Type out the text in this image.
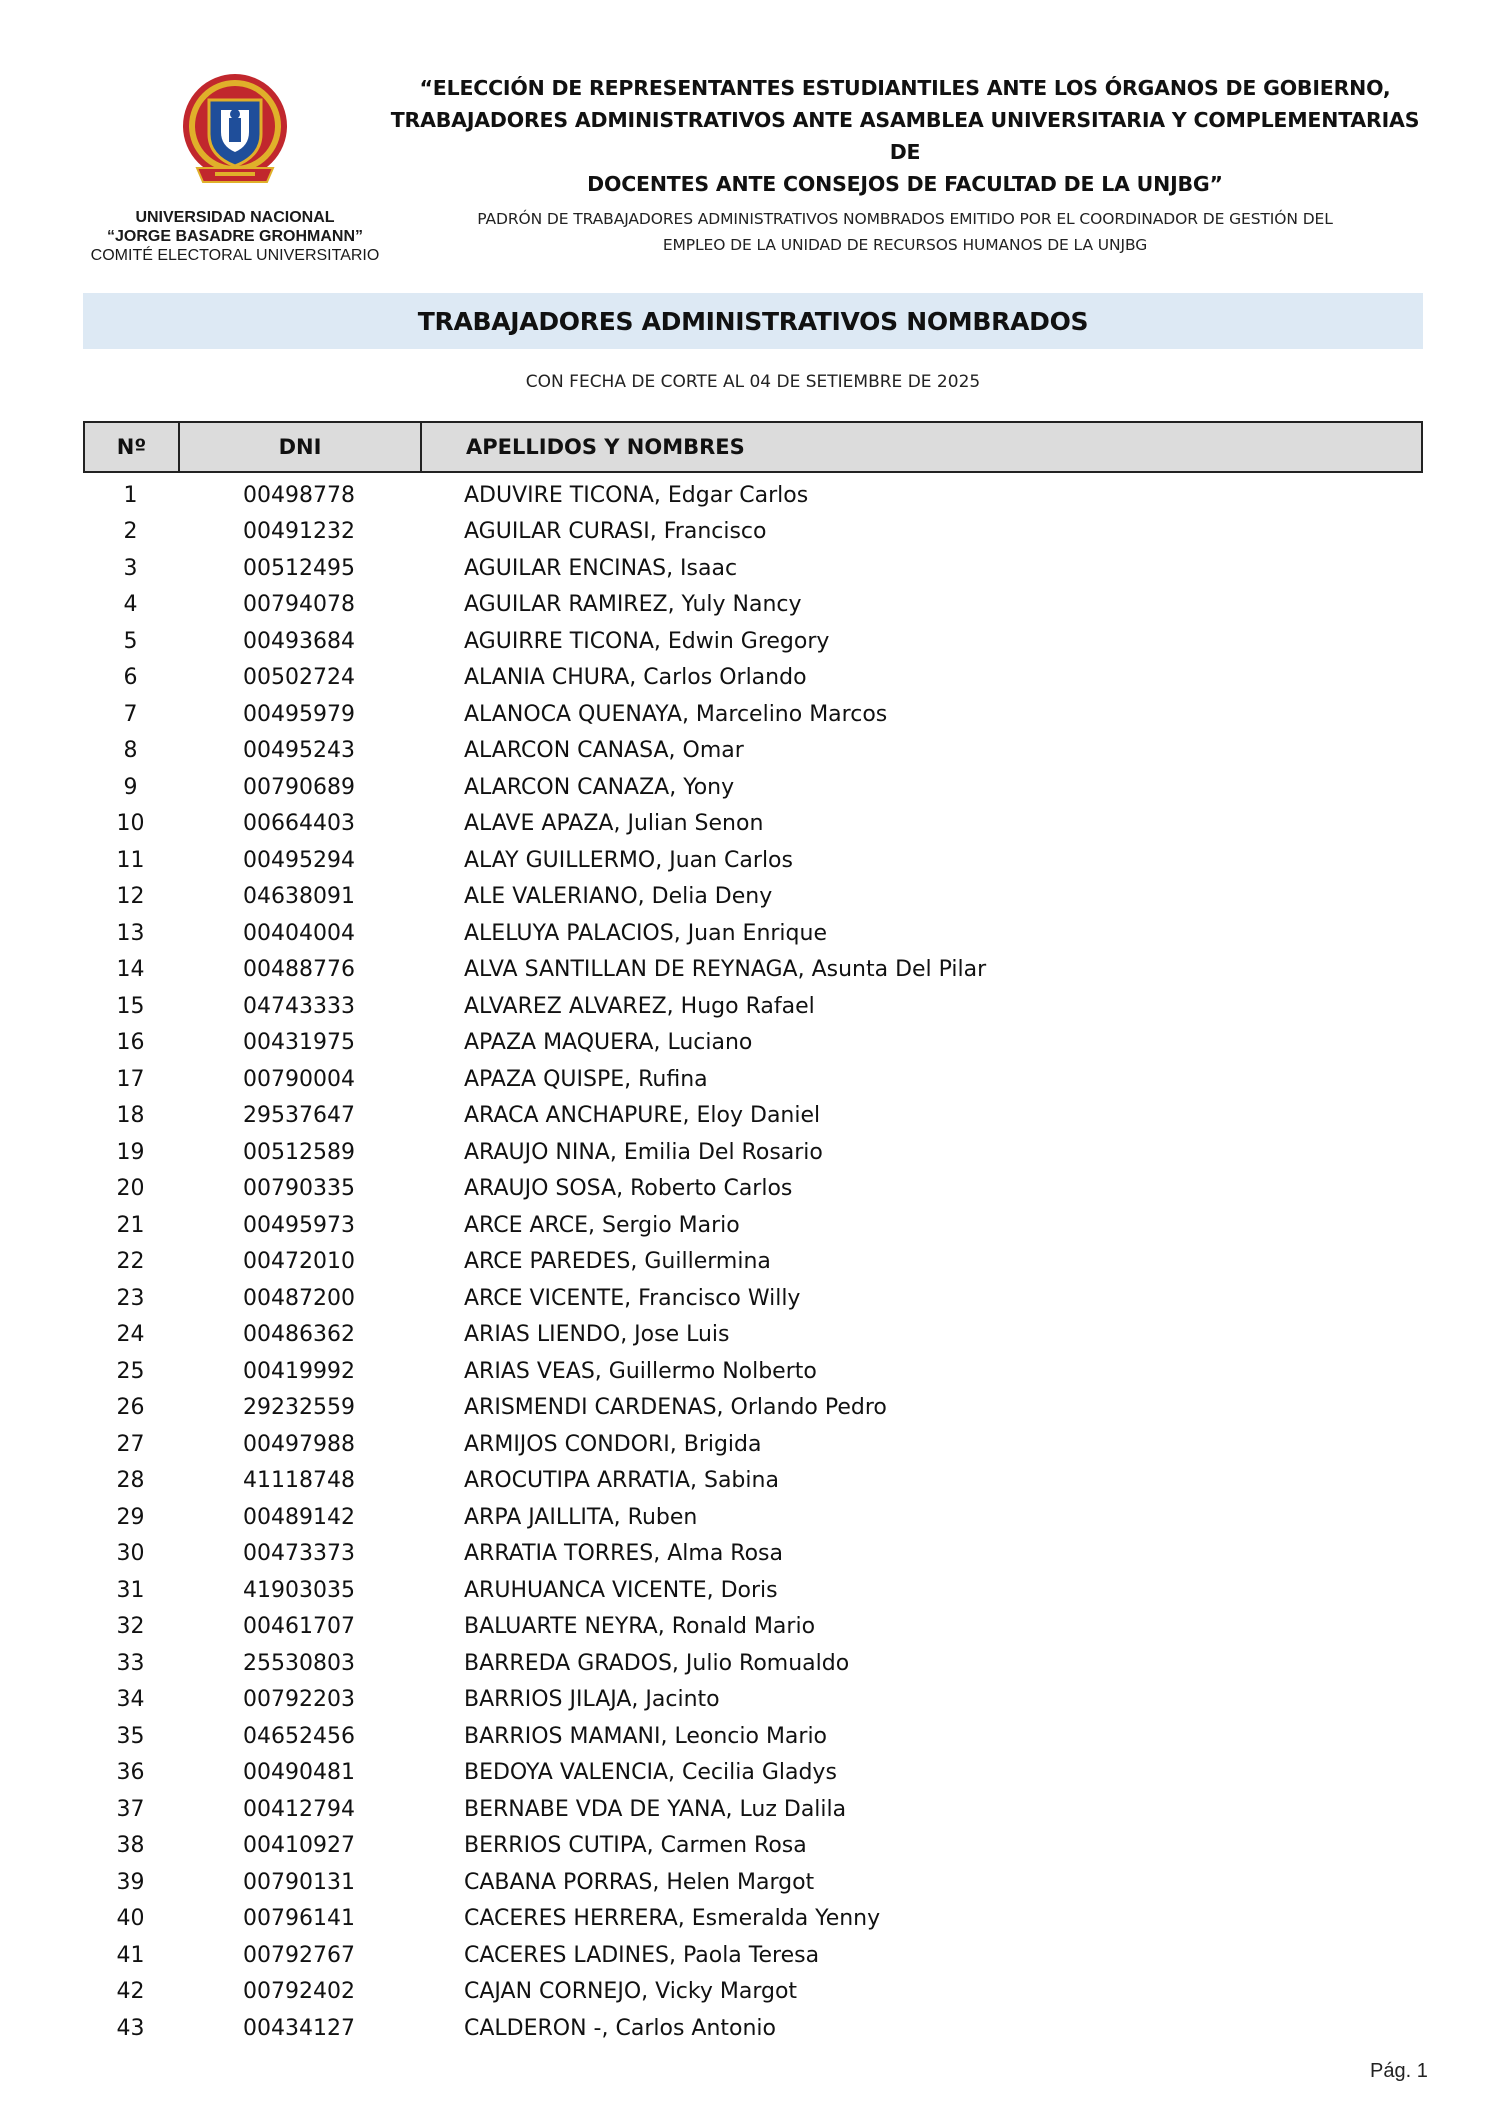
UNIVERSIDAD NACIONAL
“JORGE BASADRE GROHMANN”
COMITÉ ELECTORAL UNIVERSITARIO
“ELECCIÓN DE REPRESENTANTES ESTUDIANTILES ANTE LOS ÓRGANOS DE GOBIERNO,
TRABAJADORES ADMINISTRATIVOS ANTE ASAMBLEA UNIVERSITARIA Y COMPLEMENTARIAS DE
DOCENTES ANTE CONSEJOS DE FACULTAD DE LA UNJBG”
PADRÓN DE TRABAJADORES ADMINISTRATIVOS NOMBRADOS EMITIDO POR EL COORDINADOR DE GESTIÓN DEL
EMPLEO DE LA UNIDAD DE RECURSOS HUMANOS DE LA UNJBG
TRABAJADORES ADMINISTRATIVOS NOMBRADOS
CON FECHA DE CORTE AL 04 DE SETIEMBRE DE 2025
Nº	DNI	APELLIDOS Y NOMBRES
1	00498778	ADUVIRE TICONA, Edgar Carlos
2	00491232	AGUILAR CURASI, Francisco
3	00512495	AGUILAR ENCINAS, Isaac
4	00794078	AGUILAR RAMIREZ, Yuly Nancy
5	00493684	AGUIRRE TICONA, Edwin Gregory
6	00502724	ALANIA CHURA, Carlos Orlando
7	00495979	ALANOCA QUENAYA, Marcelino Marcos
8	00495243	ALARCON CANASA, Omar
9	00790689	ALARCON CANAZA, Yony
10	00664403	ALAVE APAZA, Julian Senon
11	00495294	ALAY GUILLERMO, Juan Carlos
12	04638091	ALE VALERIANO, Delia Deny
13	00404004	ALELUYA PALACIOS, Juan Enrique
14	00488776	ALVA SANTILLAN DE REYNAGA, Asunta Del Pilar
15	04743333	ALVAREZ ALVAREZ, Hugo Rafael
16	00431975	APAZA MAQUERA, Luciano
17	00790004	APAZA QUISPE, Rufina
18	29537647	ARACA ANCHAPURE, Eloy Daniel
19	00512589	ARAUJO NINA, Emilia Del Rosario
20	00790335	ARAUJO SOSA, Roberto Carlos
21	00495973	ARCE ARCE, Sergio Mario
22	00472010	ARCE PAREDES, Guillermina
23	00487200	ARCE VICENTE, Francisco Willy
24	00486362	ARIAS LIENDO, Jose Luis
25	00419992	ARIAS VEAS, Guillermo Nolberto
26	29232559	ARISMENDI CARDENAS, Orlando Pedro
27	00497988	ARMIJOS CONDORI, Brigida
28	41118748	AROCUTIPA ARRATIA, Sabina
29	00489142	ARPA JAILLITA, Ruben
30	00473373	ARRATIA TORRES, Alma Rosa
31	41903035	ARUHUANCA VICENTE, Doris
32	00461707	BALUARTE NEYRA, Ronald Mario
33	25530803	BARREDA GRADOS, Julio Romualdo
34	00792203	BARRIOS JILAJA, Jacinto
35	04652456	BARRIOS MAMANI, Leoncio Mario
36	00490481	BEDOYA VALENCIA, Cecilia Gladys
37	00412794	BERNABE VDA DE YANA, Luz Dalila
38	00410927	BERRIOS CUTIPA, Carmen Rosa
39	00790131	CABANA PORRAS, Helen Margot
40	00796141	CACERES HERRERA, Esmeralda Yenny
41	00792767	CACERES LADINES, Paola Teresa
42	00792402	CAJAN CORNEJO, Vicky Margot
43	00434127	CALDERON -, Carlos Antonio
Pág. 1
